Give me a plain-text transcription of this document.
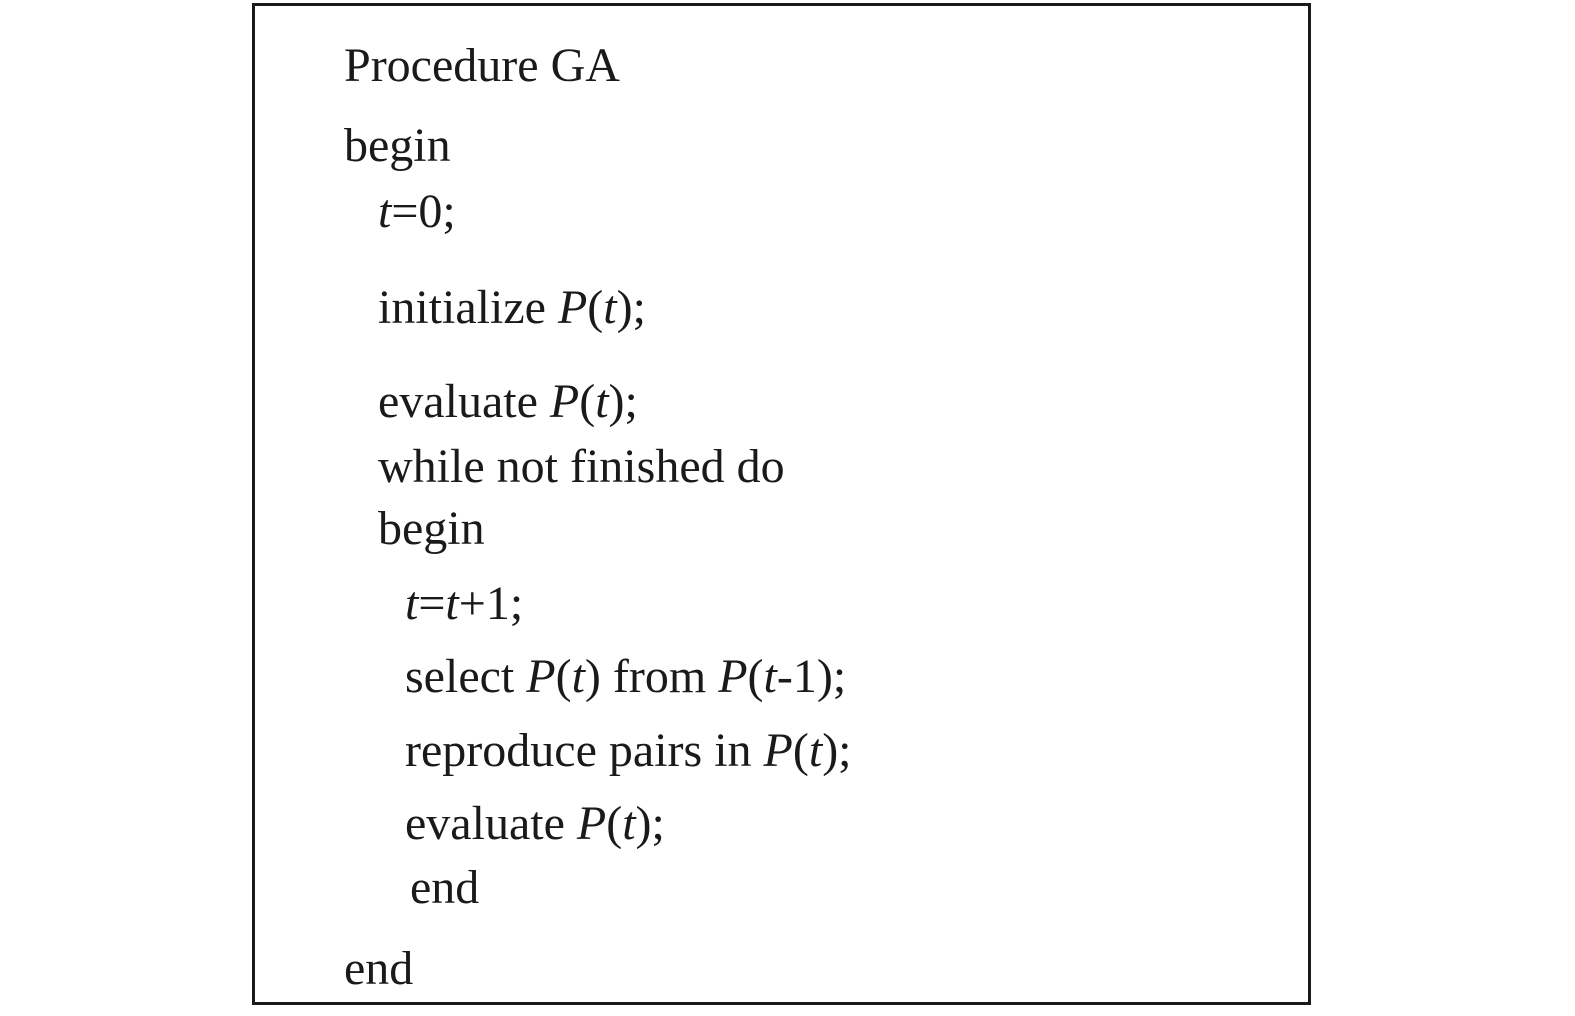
Procedure GA
begin
t=0;
initialize P(t);
evaluate P(t);
while not finished do
begin
t=t+1;
select P(t) from P(t-1);
reproduce pairs in P(t);
evaluate P(t);
end
end
